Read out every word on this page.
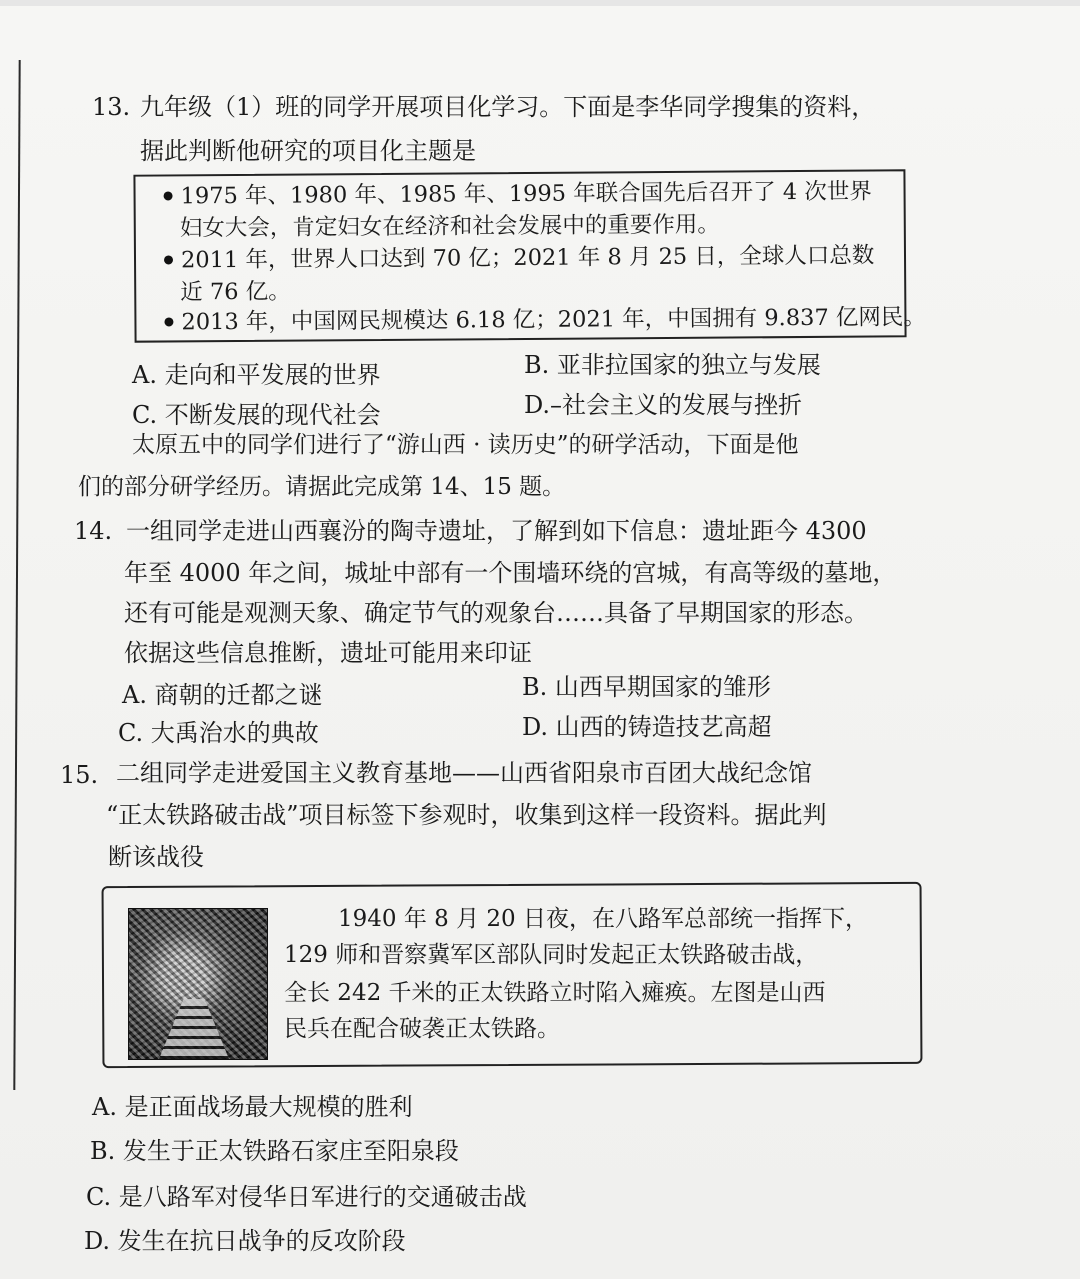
13. 九年级（1）班的同学开展项目化学习。下面是李华同学搜集的资料，
据此判断他研究的项目化主题是
1975 年、1980 年、1985 年、1995 年联合国先后召开了 4 次世界
妇女大会，肯定妇女在经济和社会发展中的重要作用。
2011 年，世界人口达到 70 亿；2021 年 8 月 25 日，全球人口总数
近 76 亿。
2013 年，中国网民规模达 6.18 亿；2021 年，中国拥有 9.837 亿网民。
A. 走向和平发展的世界	B. 亚非拉国家的独立与发展
C. 不断发展的现代社会	D.–社会主义的发展与挫折
太原五中的同学们进行了“游山西 · 读历史”的研学活动，下面是他
们的部分研学经历。请据此完成第 14、15 题。
14. 一组同学走进山西襄汾的陶寺遗址，了解到如下信息：遗址距今 4300
年至 4000 年之间，城址中部有一个围墙环绕的宫城，有高等级的墓地，
还有可能是观测天象、确定节气的观象台……具备了早期国家的形态。
依据这些信息推断，遗址可能用来印证
A. 商朝的迁都之谜	B. 山西早期国家的雏形
C. 大禹治水的典故	D. 山西的铸造技艺高超
15. 二组同学走进爱国主义教育基地——山西省阳泉市百团大战纪念馆
“正太铁路破击战”项目标签下参观时，收集到这样一段资料。据此判
断该战役
1940 年 8 月 20 日夜，在八路军总部统一指挥下，
129 师和晋察冀军区部队同时发起正太铁路破击战，
全长 242 千米的正太铁路立时陷入瘫痪。左图是山西
民兵在配合破袭正太铁路。
A. 是正面战场最大规模的胜利
B. 发生于正太铁路石家庄至阳泉段
C. 是八路军对侵华日军进行的交通破击战
D. 发生在抗日战争的反攻阶段
